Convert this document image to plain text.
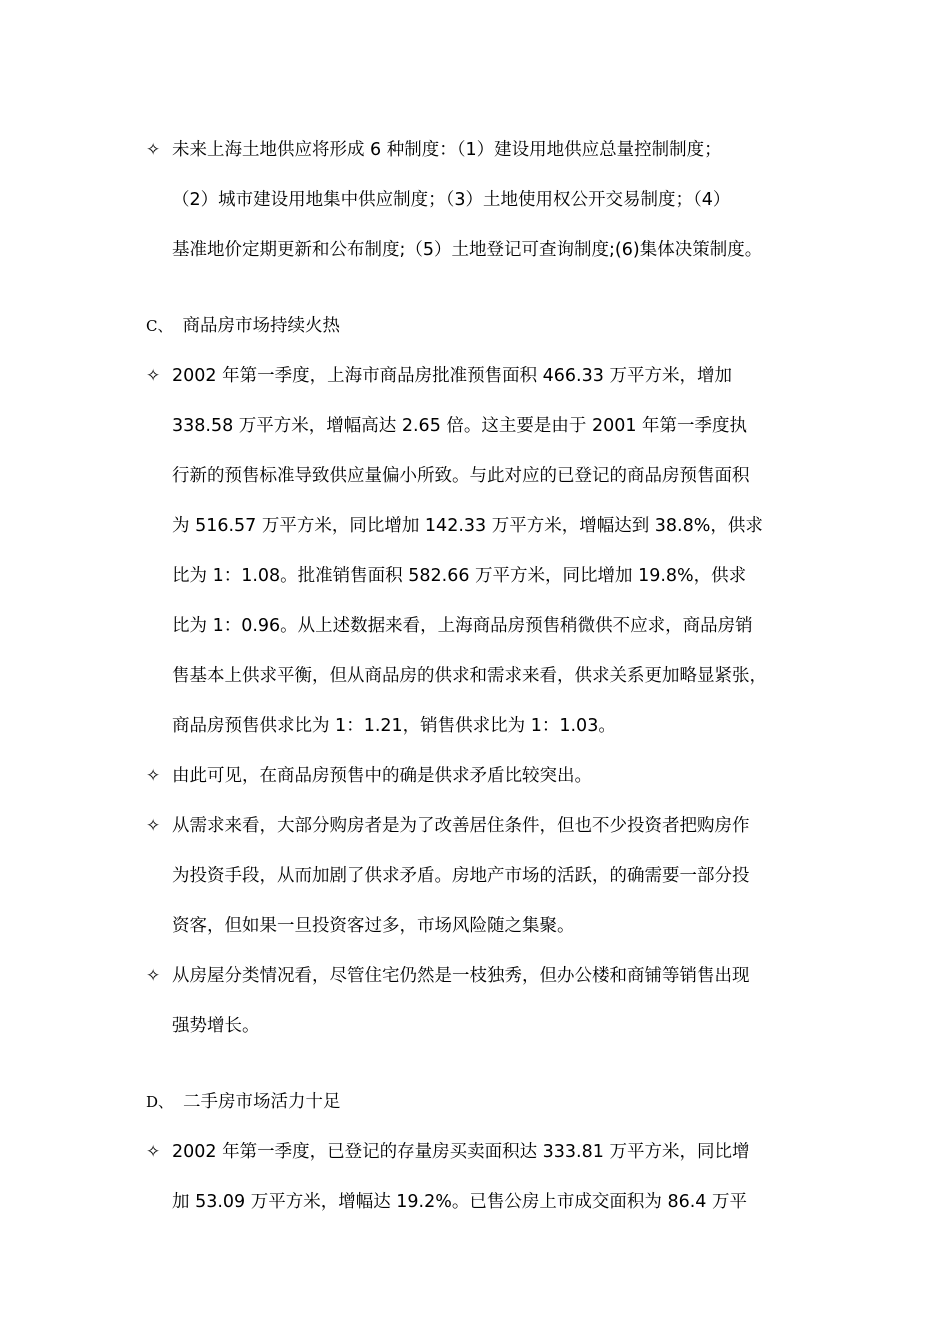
✧ 未来上海土地供应将形成 6 种制度：（1）建设用地供应总量控制制度；
（2）城市建设用地集中供应制度；（3）土地使用权公开交易制度；（4）
基准地价定期更新和公布制度;（5）土地登记可查询制度;(6)集体决策制度。
C、 商品房市场持续火热
✧ 2002 年第一季度，上海市商品房批准预售面积 466.33 万平方米，增加
338.58 万平方米，增幅高达 2.65 倍。这主要是由于 2001 年第一季度执
行新的预售标准导致供应量偏小所致。与此对应的已登记的商品房预售面积
为 516.57 万平方米，同比增加 142.33 万平方米，增幅达到 38.8%，供求
比为 1：1.08。批准销售面积 582.66 万平方米，同比增加 19.8%，供求
比为 1：0.96。从上述数据来看，上海商品房预售稍微供不应求，商品房销
售基本上供求平衡，但从商品房的供求和需求来看，供求关系更加略显紧张，
商品房预售供求比为 1：1.21，销售供求比为 1：1.03。
✧ 由此可见，在商品房预售中的确是供求矛盾比较突出。
✧ 从需求来看，大部分购房者是为了改善居住条件，但也不少投资者把购房作
为投资手段，从而加剧了供求矛盾。房地产市场的活跃，的确需要一部分投
资客，但如果一旦投资客过多，市场风险随之集聚。
✧ 从房屋分类情况看，尽管住宅仍然是一枝独秀，但办公楼和商铺等销售出现
强势增长。
D、 二手房市场活力十足
✧ 2002 年第一季度，已登记的存量房买卖面积达 333.81 万平方米，同比增
加 53.09 万平方米，增幅达 19.2%。已售公房上市成交面积为 86.4 万平
